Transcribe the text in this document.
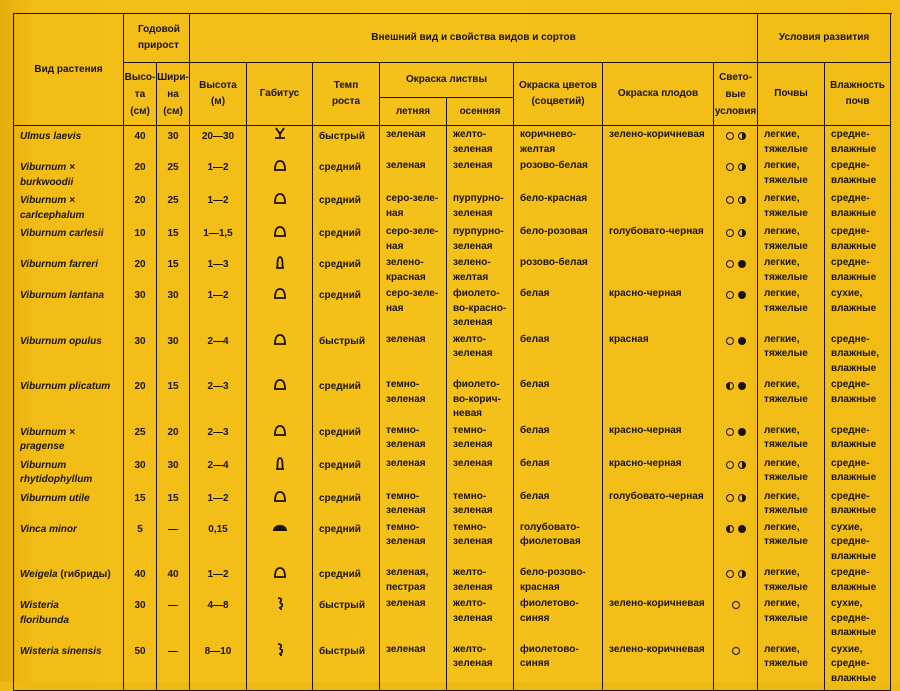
Вид растения	Годовой прирост		Внешний вид и свойства видов и сортов								Условия развития	
	Высо-
та
(см)	Шири-
на
(см)	Высота
(м)	Габитус	Темп
роста	Окраска листвы		Окраска цветов
(соцветий)	Окраска плодов	Свето-
вые
условия	Почвы	Влажность
почв
						летняя	осенняя					

Ulmus laevis	40	30	20—30		быстрый	зеленая	желто-
зеленая	коричнево-
желтая	зелено-коричневая		легкие,
тяжелые	средне-
влажные

Viburnum ×
burkwoodii	20	25	1—2		средний	зеленая	зеленая	розово-белая			легкие,
тяжелые	средне-
влажные

Viburnum ×
carlcephalum	20	25	1—2		средний	серо-зеле-
ная	пурпурно-
зеленая	бело-красная			легкие,
тяжелые	средне-
влажные

Viburnum carlesii	10	15	1—1,5		средний	серо-зеле-
ная	пурпурно-
зеленая	бело-розовая	голубовато-черная		легкие,
тяжелые	средне-
влажные

Viburnum farreri	20	15	1—3		средний	зелено-
красная	зелено-
желтая	розово-белая			легкие,
тяжелые	средне-
влажные

Viburnum lantana	30	30	1—2		средний	серо-зеле-
ная	фиолето-
во-красно-
зеленая	белая	красно-черная		легкие,
тяжелые	сухие,
влажные

Viburnum opulus	30	30	2—4		быстрый	зеленая	желто-
зеленая	белая	красная		легкие,
тяжелые	средне-
влажные,
влажные

Viburnum plicatum	20	15	2—3		средний	темно-
зеленая	фиолето-
во-корич-
невая	белая			легкие,
тяжелые	средне-
влажные

Viburnum ×
pragense	25	20	2—3		средний	темно-
зеленая	темно-
зеленая	белая	красно-черная		легкие,
тяжелые	средне-
влажные

Viburnum
rhytidophyllum	30	30	2—4		средний	зеленая	зеленая	белая	красно-черная		легкие,
тяжелые	средне-
влажные

Viburnum utile	15	15	1—2		средний	темно-
зеленая	темно-
зеленая	белая	голубовато-черная		легкие,
тяжелые	средне-
влажные

Vinca minor	5	—	0,15		средний	темно-
зеленая	темно-
зеленая	голубовато-
фиолетовая			легкие,
тяжелые	сухие,
средне-
влажные

Weigela (гибриды)	40	40	1—2		средний	зеленая,
пестрая	желто-
зеленая	бело-розово-
красная			легкие,
тяжелые	средне-
влажные

Wisteria
floribunda	30	—	4—8		быстрый	зеленая	желто-
зеленая	фиолетово-
синяя	зелено-коричневая		легкие,
тяжелые	сухие,
средне-
влажные

Wisteria sinensis	50	—	8—10		быстрый	зеленая	желто-
зеленая	фиолетово-
синяя	зелено-коричневая		легкие,
тяжелые	сухие,
средне-
влажные
